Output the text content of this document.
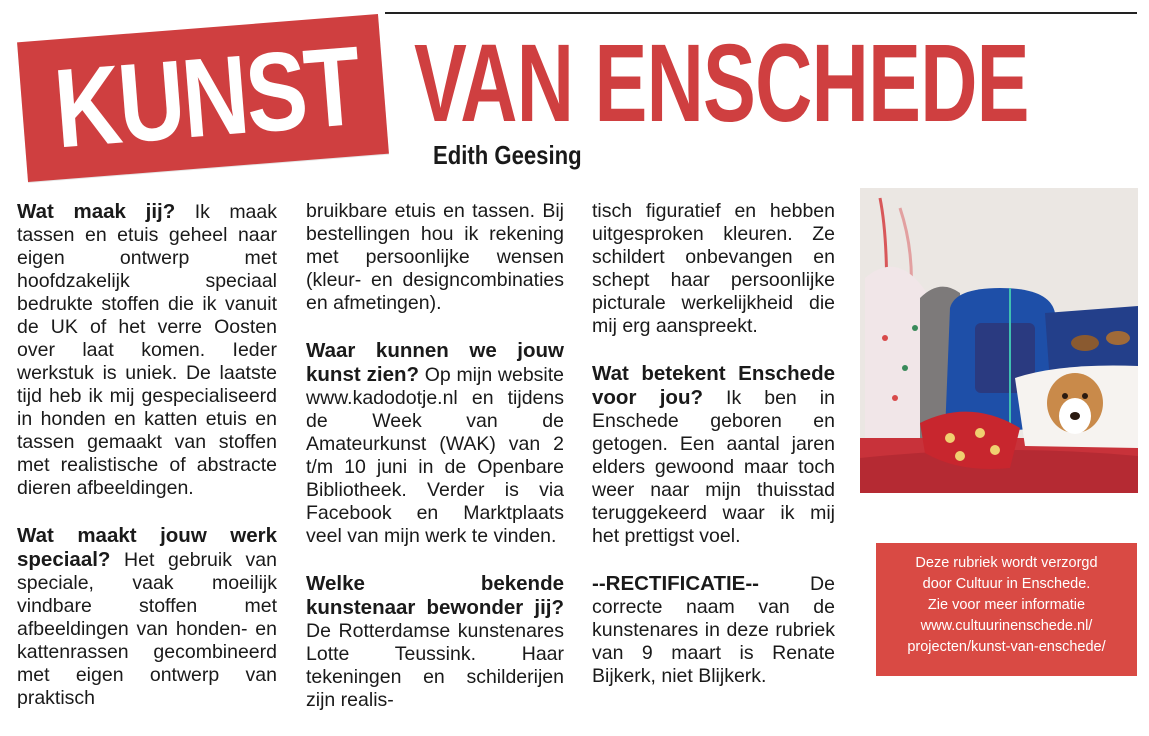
KUNST VAN ENSCHEDE
Edith Geesing

Wat maak jij? Ik maak tassen en etuis geheel naar eigen ontwerp met hoofdzakelijk speciaal bedrukte stoffen die ik vanuit de UK of het verre Oosten over laat komen. Ieder werkstuk is uniek. De laatste tijd heb ik mij gespecialiseerd in honden en katten etuis en tassen gemaakt van stoffen met realistische of abstracte dieren afbeeldingen.

Wat maakt jouw werk speciaal? Het gebruik van speciale, vaak moeilijk vindbare stoffen met afbeeldingen van honden- en kattenrassen gecombineerd met eigen ontwerp van praktisch

bruikbare etuis en tassen. Bij bestellingen hou ik rekening met persoonlijke wensen (kleur- en designcombinaties en afmetingen).

Waar kunnen we jouw kunst zien? Op mijn website www.kadodotje.nl en tijdens de Week van de Amateurkunst (WAK) van 2 t/m 10 juni in de Openbare Bibliotheek. Verder is via Facebook en Marktplaats veel van mijn werk te vinden.

Welke bekende kunstenaar bewonder jij? De Rotterdamse kunstenares Lotte Teussink. Haar tekeningen en schilderijen zijn realis-

tisch figuratief en hebben uitgesproken kleuren. Ze schildert onbevangen en schept haar persoonlijke picturale werkelijkheid die mij erg aanspreekt.

Wat betekent Enschede voor jou? Ik ben in Enschede geboren en getogen. Een aantal jaren elders gewoond maar toch weer naar mijn thuisstad teruggekeerd waar ik mij het prettigst voel.

--RECTIFICATIE-- De correcte naam van de kunstenares in deze rubriek van 9 maart is Renate Bijkerk, niet Blijkerk.

Deze rubriek wordt verzorgd
door Cultuur in Enschede.
Zie voor meer informatie
www.cultuurinenschede.nl/
projecten/kunst-van-enschede/
